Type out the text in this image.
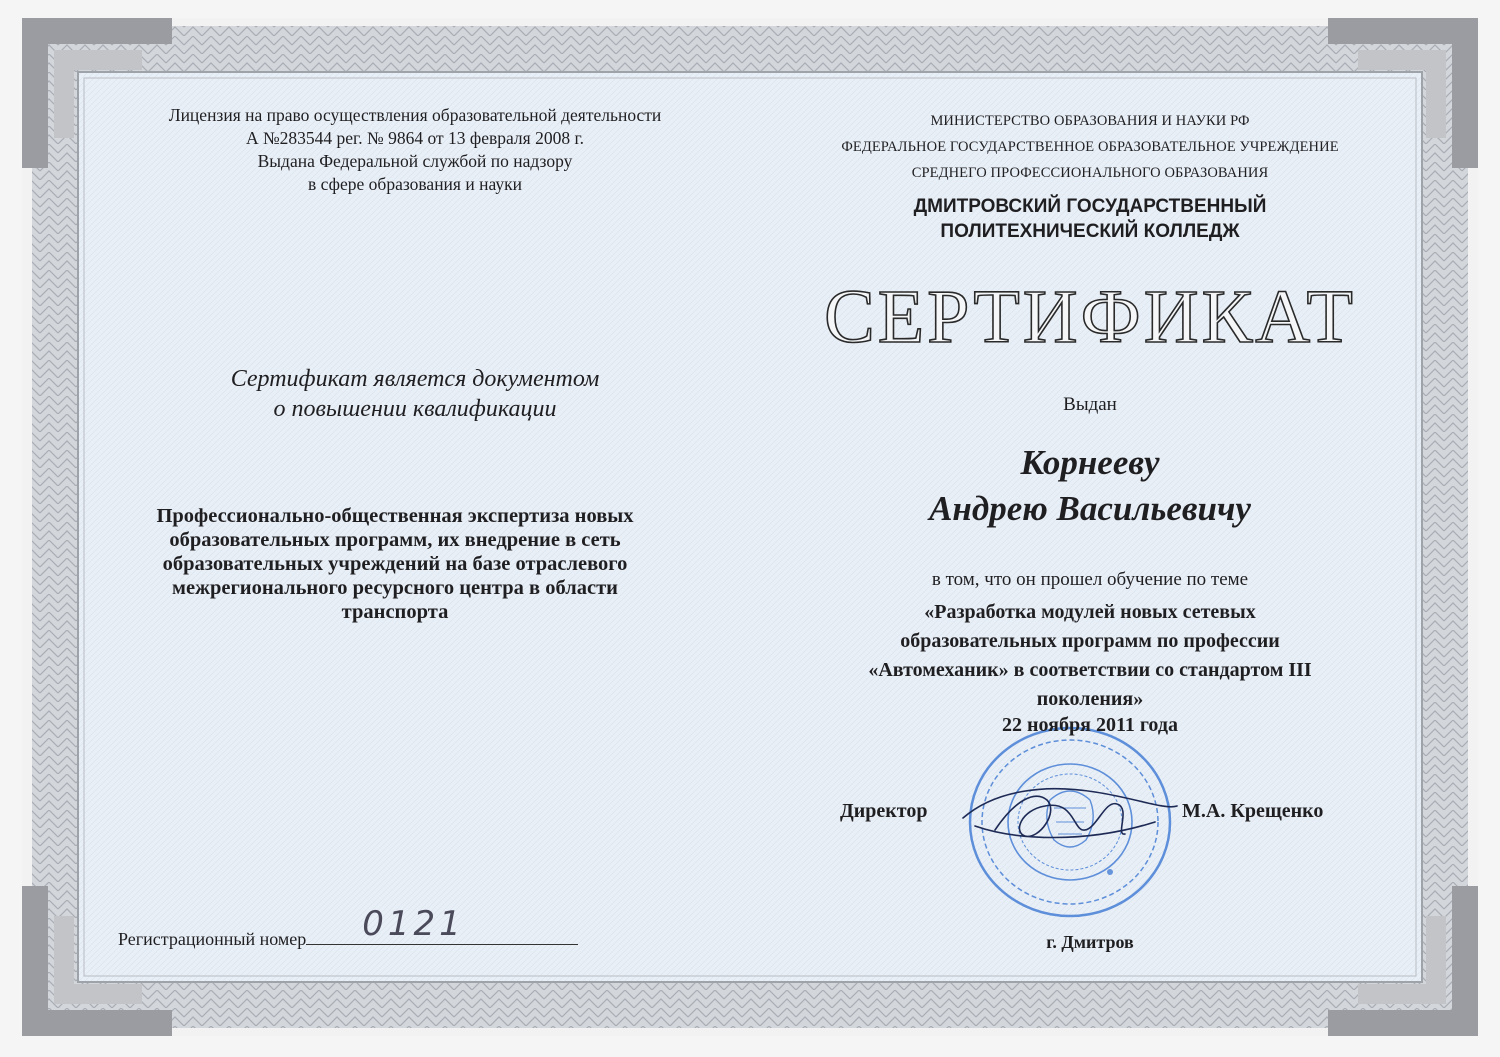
Лицензия на право осуществления образовательной деятельности
А №283544 рег. № 9864 от 13 февраля 2008 г.
Выдана Федеральной службой по надзору
в сфере образования и науки
МИНИСТЕРСТВО ОБРАЗОВАНИЯ И НАУКИ РФ
ФЕДЕРАЛЬНОЕ ГОСУДАРСТВЕННОЕ ОБРАЗОВАТЕЛЬНОЕ УЧРЕЖДЕНИЕ
СРЕДНЕГО ПРОФЕССИОНАЛЬНОГО ОБРАЗОВАНИЯ
ДМИТРОВСКИЙ ГОСУДАРСТВЕННЫЙ
ПОЛИТЕХНИЧЕСКИЙ КОЛЛЕДЖ
СЕРТИФИКАТ
Сертификат является документом
о повышении квалификации
Профессионально-общественная экспертиза новых
образовательных программ, их внедрение в сеть
образовательных учреждений на базе отраслевого
межрегионального ресурсного центра в области
транспорта
Выдан
Корнееву
Андрею Васильевичу
в том, что он прошел обучение по теме
«Разработка модулей новых сетевых
образовательных программ по профессии
«Автомеханик» в соответствии со стандартом III
поколения»
22 ноября 2011 года
Директор	М.А. Крещенко
г. Дмитров
Регистрационный номер 0121
